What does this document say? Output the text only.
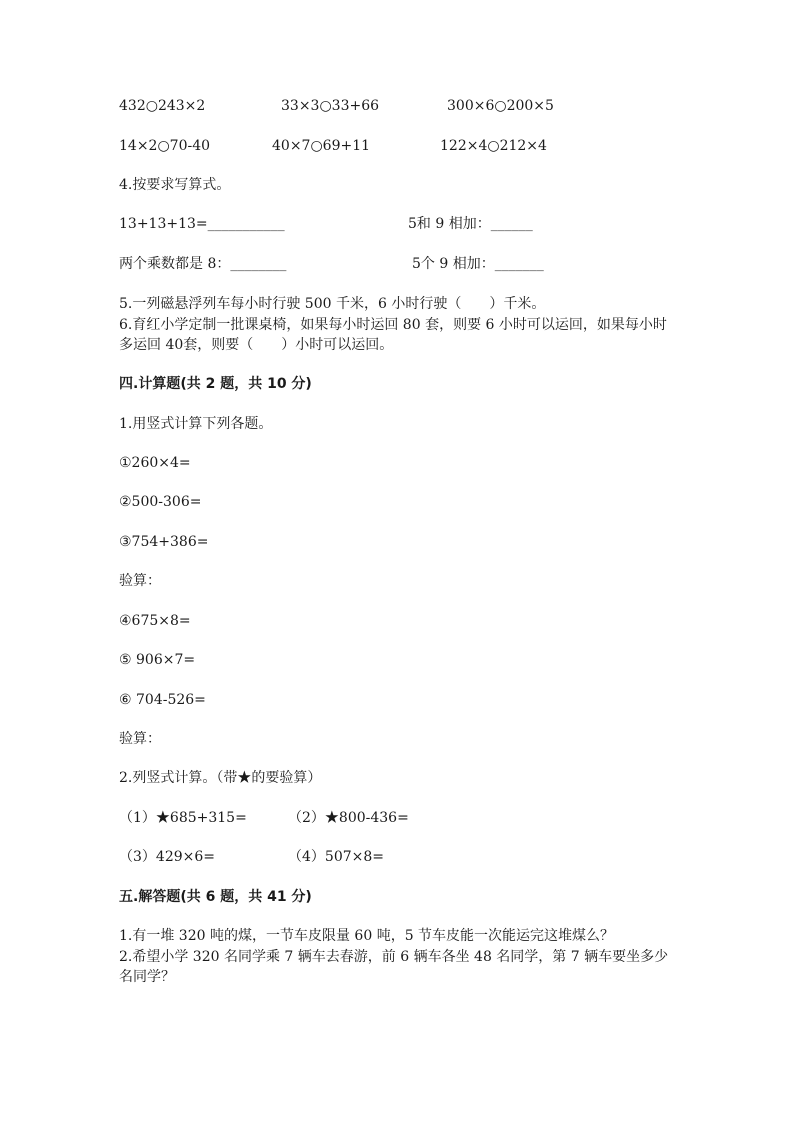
432○243×2	33×3○33+66	300×6○200×5
14×2○70-40	40×7○69+11	122×4○212×4
4.按要求写算式。
13+13+13=___________	5和 9 相加：______
两个乘数都是 8：________	5个 9 相加：_______
5.一列磁悬浮列车每小时行驶 500 千米，6 小时行驶（　　）千米。
6.育红小学定制一批课桌椅，如果每小时运回 80 套，则要 6 小时可以运回，如果每小时多运回 40套，则要（　　）小时可以运回。
四.计算题(共 2 题，共 10 分)
1.用竖式计算下列各题。
①260×4=
②500-306=
③754+386=
验算：
④675×8=
⑤ 906×7=
⑥ 704-526=
验算：
2.列竖式计算。（带★的要验算）
（1）★685+315=	（2）★800-436=
（3）429×6=	（4）507×8=
五.解答题(共 6 题，共 41 分)
1.有一堆 320 吨的煤，一节车皮限量 60 吨，5 节车皮能一次能运完这堆煤么？
2.希望小学 320 名同学乘 7 辆车去春游，前 6 辆车各坐 48 名同学，第 7 辆车要坐多少名同学？
